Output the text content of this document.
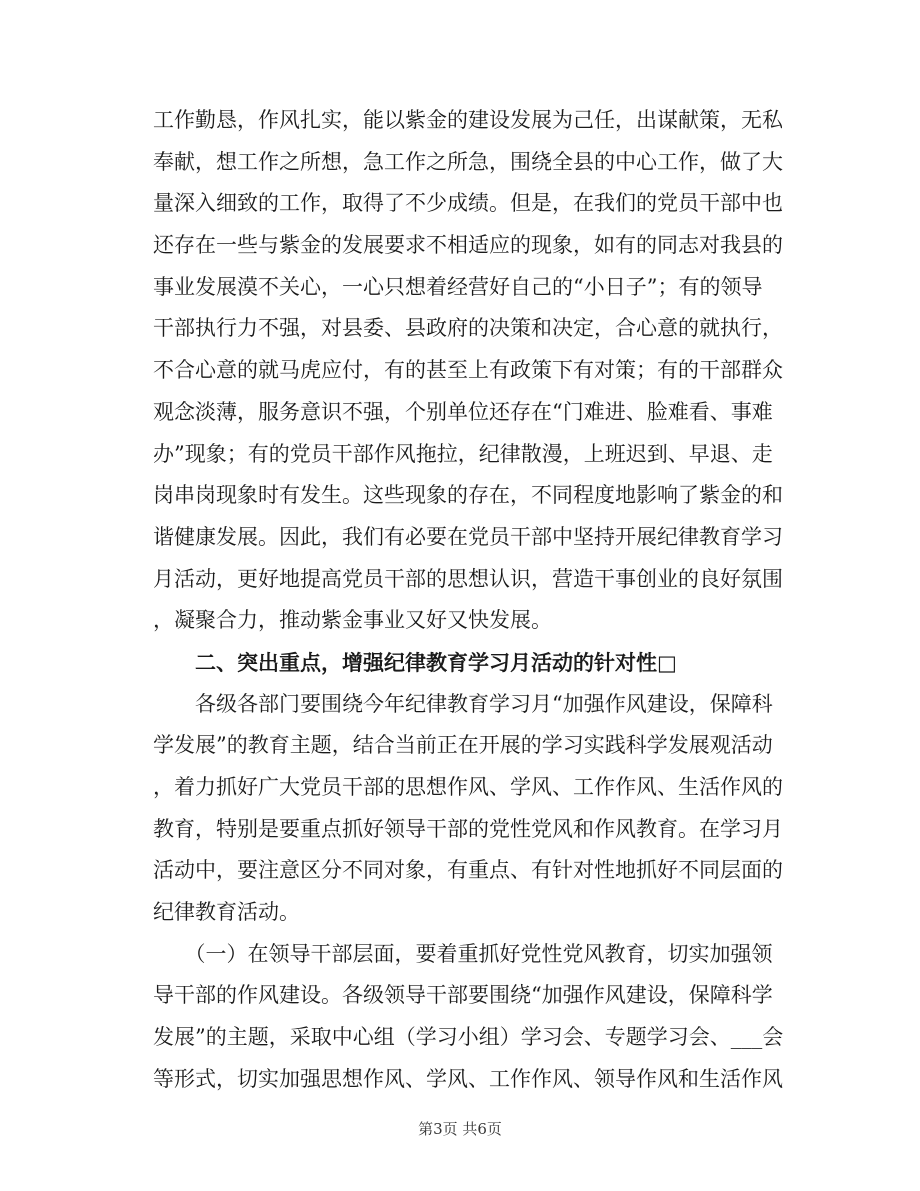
工作勤恳，作风扎实，能以紫金的建设发展为己任，出谋献策，无私
奉献，想工作之所想，急工作之所急，围绕全县的中心工作，做了大
量深入细致的工作，取得了不少成绩。但是，在我们的党员干部中也
还存在一些与紫金的发展要求不相适应的现象，如有的同志对我县的
事业发展漠不关心，一心只想着经营好自己的“小日子”；有的领导
干部执行力不强，对县委、县政府的决策和决定，合心意的就执行，
不合心意的就马虎应付，有的甚至上有政策下有对策；有的干部群众
观念淡薄，服务意识不强，个别单位还存在“门难进、脸难看、事难
办”现象；有的党员干部作风拖拉，纪律散漫，上班迟到、早退、走
岗串岗现象时有发生。这些现象的存在，不同程度地影响了紫金的和
谐健康发展。因此，我们有必要在党员干部中坚持开展纪律教育学习
月活动，更好地提高党员干部的思想认识，营造干事创业的良好氛围
，凝聚合力，推动紫金事业又好又快发展。
　　二、突出重点，增强纪律教育学习月活动的针对性□
　　各级各部门要围绕今年纪律教育学习月“加强作风建设，保障科
学发展”的教育主题，结合当前正在开展的学习实践科学发展观活动
，着力抓好广大党员干部的思想作风、学风、工作作风、生活作风的
教育，特别是要重点抓好领导干部的党性党风和作风教育。在学习月
活动中，要注意区分不同对象，有重点、有针对性地抓好不同层面的
纪律教育活动。
　　（一）在领导干部层面，要着重抓好党性党风教育，切实加强领
导干部的作风建设。各级领导干部要围绕“加强作风建设，保障科学
发展”的主题，采取中心组（学习小组）学习会、专题学习会、___会
等形式，切实加强思想作风、学风、工作作风、领导作风和生活作风
第3页 共6页
